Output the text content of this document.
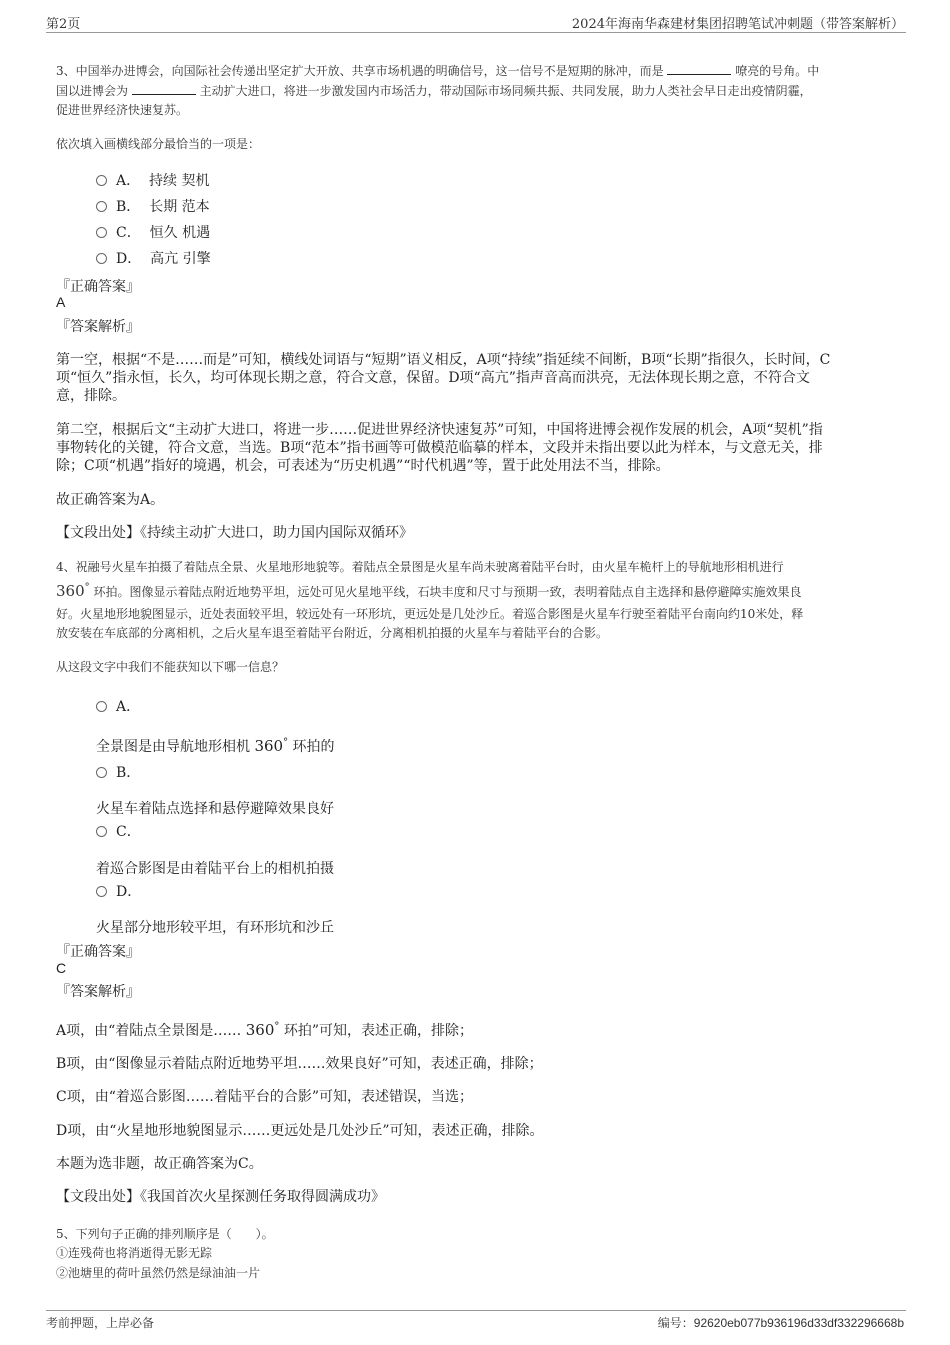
第2页	2024年海南华森建材集团招聘笔试冲刺题（带答案解析）
3、中国举办进博会，向国际社会传递出坚定扩大开放、共享市场机遇的明确信号，这一信号不是短期的脉冲，而是	嘹亮的号角。中
国以进博会为	主动扩大进口，将进一步激发国内市场活力，带动国际市场同频共振、共同发展，助力人类社会早日走出疫情阴霾，
促进世界经济快速复苏。
依次填入画横线部分最恰当的一项是：
A． 持续 契机
B． 长期 范本
C． 恒久 机遇
D． 高亢 引擎
『正确答案』
A
『答案解析』
第一空，根据“不是……而是”可知，横线处词语与“短期”语义相反，A项“持续”指延续不间断，B项“长期”指很久，长时间，C
项“恒久”指永恒，长久，均可体现长期之意，符合文意，保留。D项“高亢”指声音高而洪亮，无法体现长期之意，不符合文
意，排除。
第二空，根据后文“主动扩大进口，将进一步……促进世界经济快速复苏”可知，中国将进博会视作发展的机会，A项“契机”指
事物转化的关键，符合文意，当选。B项“范本”指书画等可做模范临摹的样本，文段并未指出要以此为样本，与文意无关，排
除；C项“机遇”指好的境遇，机会，可表述为“历史机遇”“时代机遇”等，置于此处用法不当，排除。
故正确答案为A。
【文段出处】《持续主动扩大进口，助力国内国际双循环》
4、祝融号火星车拍摄了着陆点全景、火星地形地貌等。着陆点全景图是火星车尚未驶离着陆平台时，由火星车桅杆上的导航地形相机进行
360° 环拍。图像显示着陆点附近地势平坦，远处可见火星地平线，石块丰度和尺寸与预期一致，表明着陆点自主选择和悬停避障实施效果良
好。火星地形地貌图显示，近处表面较平坦，较远处有一环形坑，更远处是几处沙丘。着巡合影图是火星车行驶至着陆平台南向约10米处，释
放安装在车底部的分离相机，之后火星车退至着陆平台附近，分离相机拍摄的火星车与着陆平台的合影。
从这段文字中我们不能获知以下哪一信息？
A．
全景图是由导航地形相机 360° 环拍的
B．
火星车着陆点选择和悬停避障效果良好
C．
着巡合影图是由着陆平台上的相机拍摄
D．
火星部分地形较平坦，有环形坑和沙丘
『正确答案』
C
『答案解析』
A项，由“着陆点全景图是…… 360° 环拍”可知，表述正确，排除；
B项，由“图像显示着陆点附近地势平坦……效果良好”可知，表述正确，排除；
C项，由“着巡合影图……着陆平台的合影”可知，表述错误，当选；
D项，由“火星地形地貌图显示……更远处是几处沙丘”可知，表述正确，排除。
本题为选非题，故正确答案为C。
【文段出处】《我国首次火星探测任务取得圆满成功》
5、下列句子正确的排列顺序是（　　）。
①连残荷也将消逝得无影无踪
②池塘里的荷叶虽然仍然是绿油油一片
考前押题，上岸必备	编号：92620eb077b936196d33df332296668b
